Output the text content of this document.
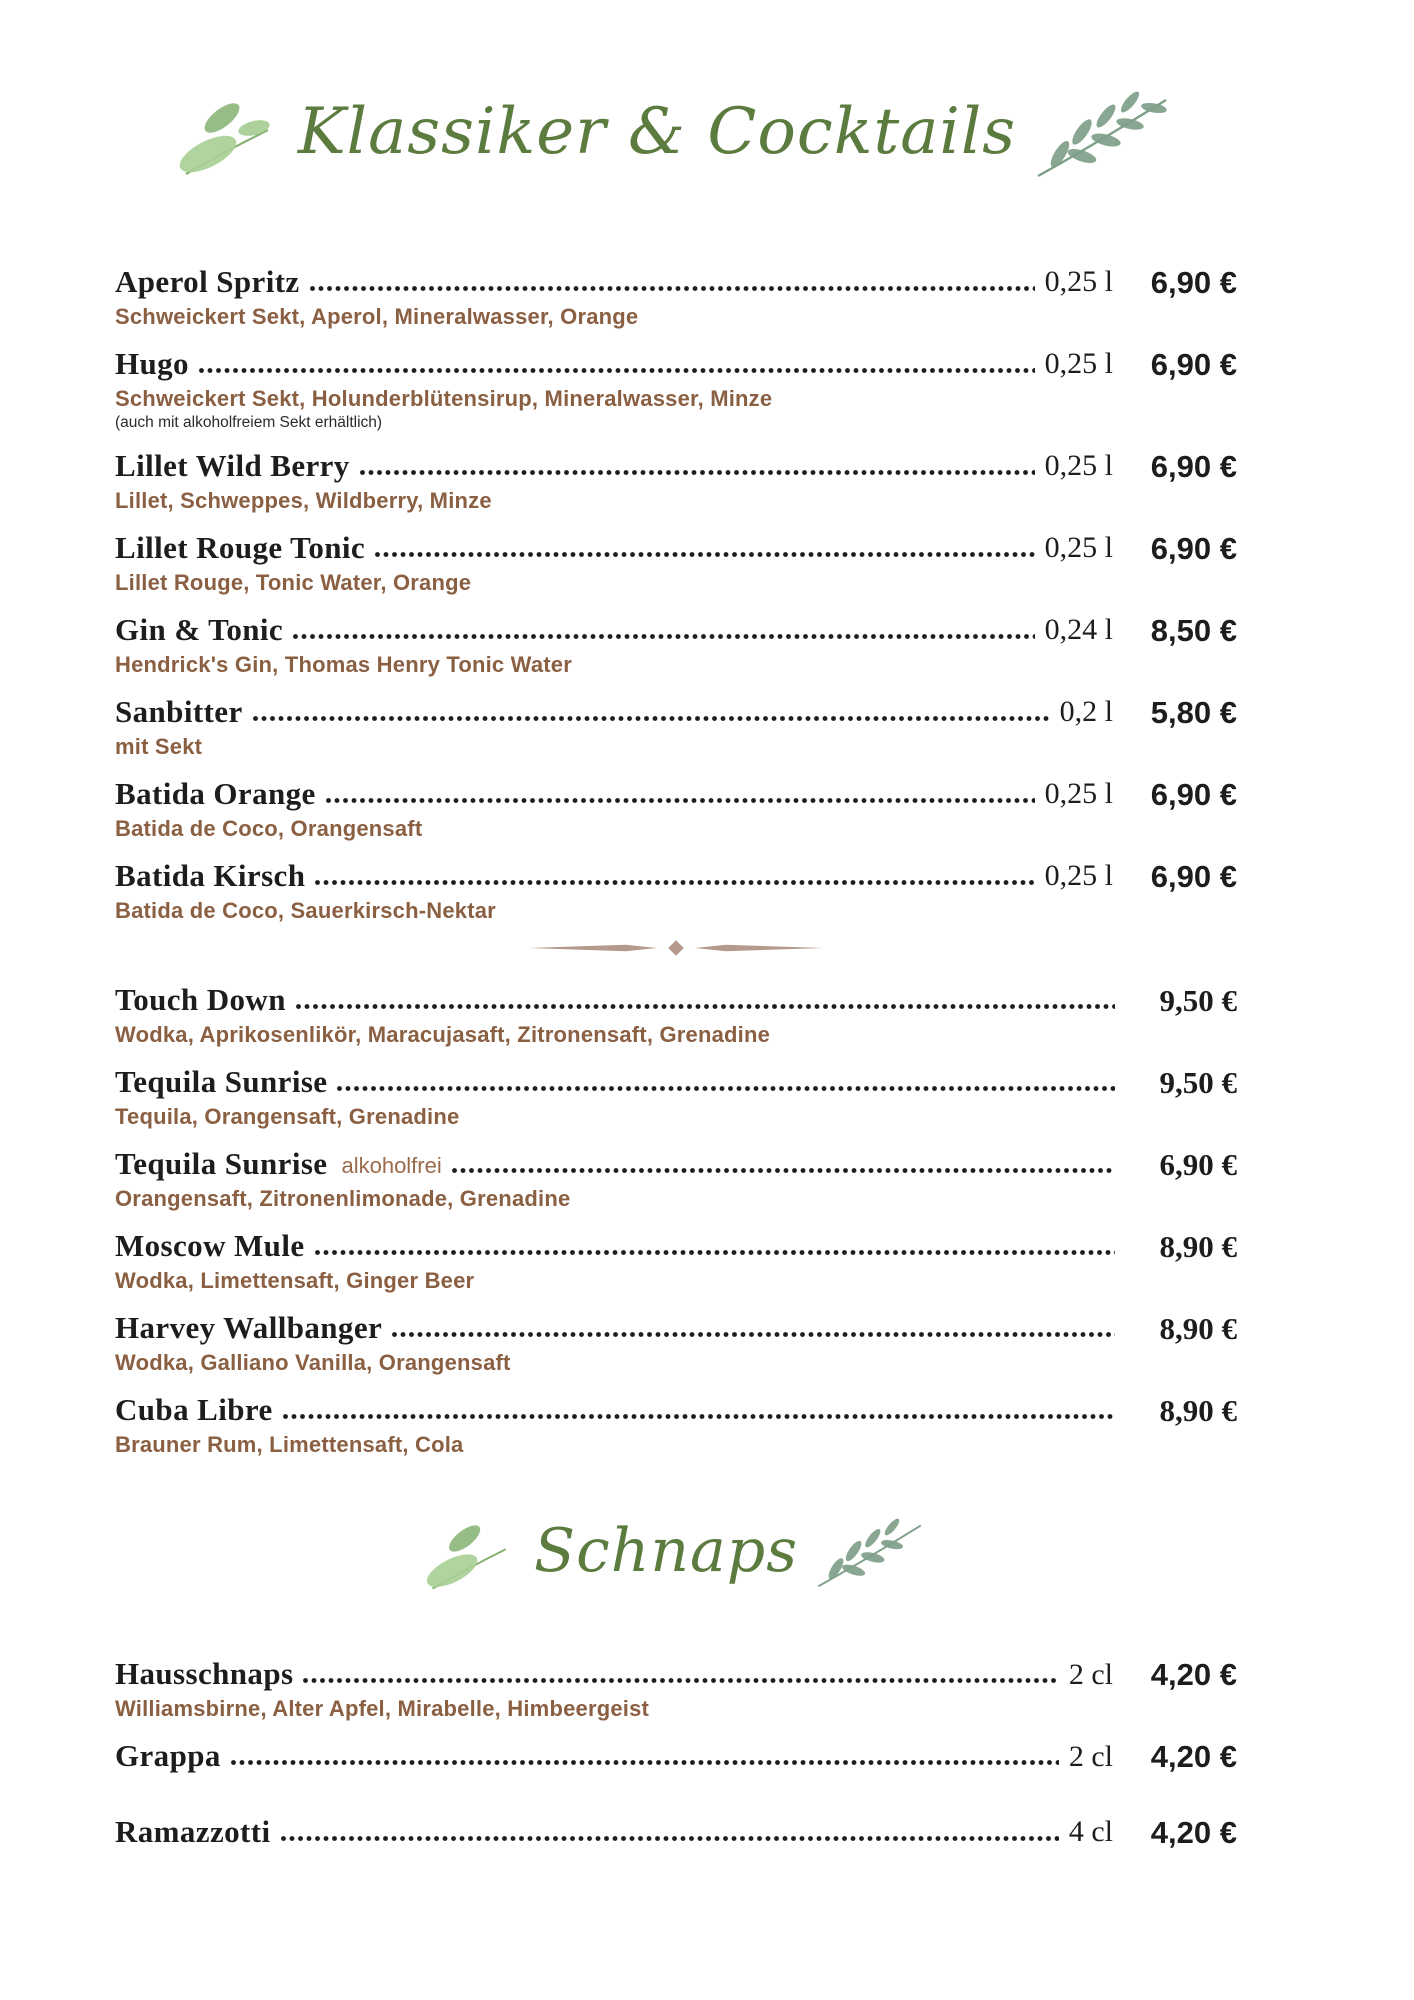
Klassiker & Cocktails
Aperol Spritz	0,25 l	6,90 €
Schweickert Sekt, Aperol, Mineralwasser, Orange
Hugo	0,25 l	6,90 €
Schweickert Sekt, Holunderblütensirup, Mineralwasser, Minze
(auch mit alkoholfreiem Sekt erhältlich)
Lillet Wild Berry	0,25 l	6,90 €
Lillet, Schweppes, Wildberry, Minze
Lillet Rouge Tonic	0,25 l	6,90 €
Lillet Rouge, Tonic Water, Orange
Gin & Tonic	0,24 l	8,50 €
Hendrick's Gin, Thomas Henry Tonic Water
Sanbitter	0,2 l	5,80 €
mit Sekt
Batida Orange	0,25 l	6,90 €
Batida de Coco, Orangensaft
Batida Kirsch	0,25 l	6,90 €
Batida de Coco, Sauerkirsch-Nektar
Touch Down	9,50 €
Wodka, Aprikosenlikör, Maracujasaft, Zitronensaft, Grenadine
Tequila Sunrise	9,50 €
Tequila, Orangensaft, Grenadine
Tequila Sunrise alkoholfrei	6,90 €
Orangensaft, Zitronenlimonade, Grenadine
Moscow Mule	8,90 €
Wodka, Limettensaft, Ginger Beer
Harvey Wallbanger	8,90 €
Wodka, Galliano Vanilla, Orangensaft
Cuba Libre	8,90 €
Brauner Rum, Limettensaft, Cola
Schnaps
Hausschnaps	2 cl	4,20 €
Williamsbirne, Alter Apfel, Mirabelle, Himbeergeist
Grappa	2 cl	4,20 €
Ramazzotti	4 cl	4,20 €
